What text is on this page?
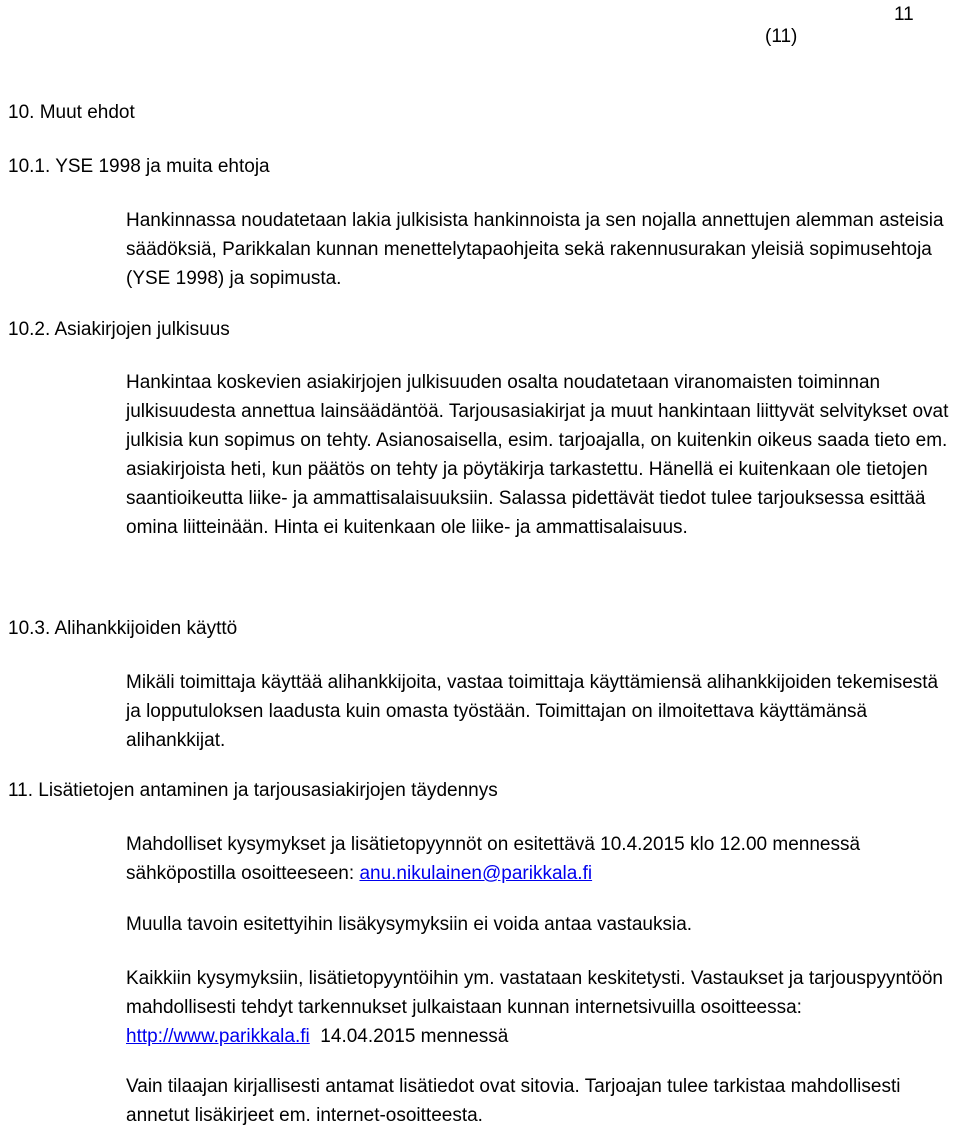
11
(11)
10. Muut ehdot
10.1. YSE 1998 ja muita ehtoja

Hankinnassa noudatetaan lakia julkisista hankinnoista ja sen nojalla annettujen alemman asteisia säädöksiä, Parikkalan kunnan menettelytapaohjeita sekä rakennusurakan yleisiä sopimusehtoja (YSE 1998) ja sopimusta.

10.2. Asiakirjojen julkisuus

Hankintaa koskevien asiakirjojen julkisuuden osalta noudatetaan viranomaisten toiminnan julkisuudesta annettua lainsäädäntöä. Tarjousasiakirjat ja muut hankintaan liittyvät selvitykset ovat julkisia kun sopimus on tehty. Asianosaisella, esim. tarjoajalla, on kuitenkin oikeus saada tieto em. asiakirjoista heti, kun päätös on tehty ja pöytäkirja tarkastettu. Hänellä ei kuitenkaan ole tietojen saantioikeutta liike- ja ammattisalaisuuksiin. Salassa pidettävät tiedot tulee tarjouksessa esittää omina liitteinään. Hinta ei kuitenkaan ole liike- ja ammattisalaisuus.

10.3. Alihankkijoiden käyttö

Mikäli toimittaja käyttää alihankkijoita, vastaa toimittaja käyttämiensä alihankkijoiden tekemisestä ja lopputuloksen laadusta kuin omasta työstään. Toimittajan on ilmoitettava käyttämänsä alihankkijat.

11. Lisätietojen antaminen ja tarjousasiakirjojen täydennys

Mahdolliset kysymykset ja lisätietopyynnöt on esitettävä 10.4.2015 klo 12.00 mennessä sähköpostilla osoitteeseen: anu.nikulainen@parikkala.fi

Muulla tavoin esitettyihin lisäkysymyksiin ei voida antaa vastauksia.

Kaikkiin kysymyksiin, lisätietopyyntöihin ym. vastataan keskitetysti. Vastaukset ja tarjouspyyntöön mahdollisesti tehdyt tarkennukset julkaistaan kunnan internetsivuilla osoitteessa: http://www.parikkala.fi  14.04.2015 mennessä

Vain tilaajan kirjallisesti antamat lisätiedot ovat sitovia. Tarjoajan tulee tarkistaa mahdollisesti annetut lisäkirjeet em. internet-osoitteesta.
